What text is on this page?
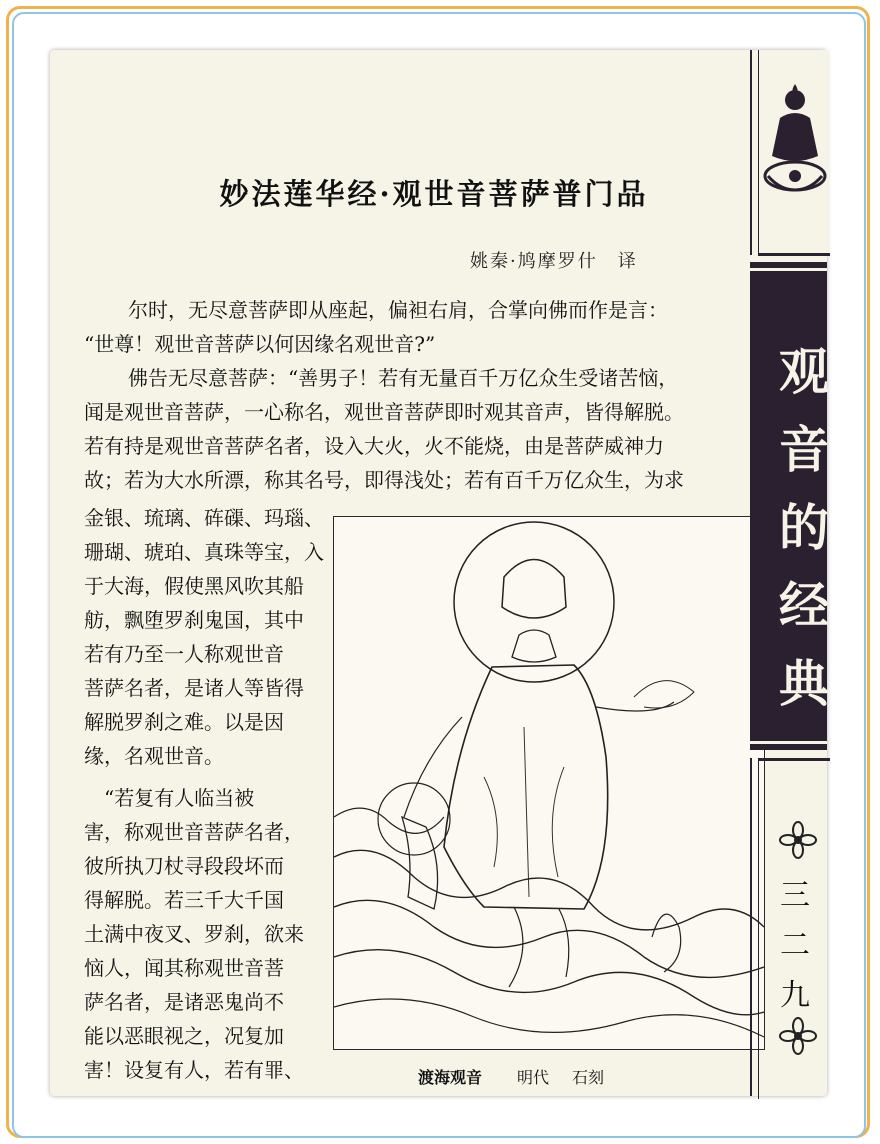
妙法莲华经·观世音菩萨普门品
姚秦·鸠摩罗什　译
　　尔时，无尽意菩萨即从座起，偏袒右肩，合掌向佛而作是言：
“世尊！观世音菩萨以何因缘名观世音?”
　　佛告无尽意菩萨：“善男子！若有无量百千万亿众生受诸苦恼，
闻是观世音菩萨，一心称名，观世音菩萨即时观其音声，皆得解脱。
若有持是观世音菩萨名者，设入大火，火不能烧，由是菩萨威神力
故；若为大水所漂，称其名号，即得浅处；若有百千万亿众生，为求
金银、琉璃、砗磲、玛瑙、
珊瑚、琥珀、真珠等宝，入
于大海，假使黑风吹其船
舫，飘堕罗刹鬼国，其中
若有乃至一人称观世音
菩萨名者，是诸人等皆得
解脱罗刹之难。以是因
缘，名观世音。
　“若复有人临当被
害，称观世音菩萨名者，
彼所执刀杖寻段段坏而
得解脱。若三千大千国
土满中夜叉、罗刹，欲来
恼人，闻其称观世音菩
萨名者，是诸恶鬼尚不
能以恶眼视之，况复加
害！设复有人，若有罪、	渡海观音 明代 石刻
观
音
的
经
典
三
二
九
